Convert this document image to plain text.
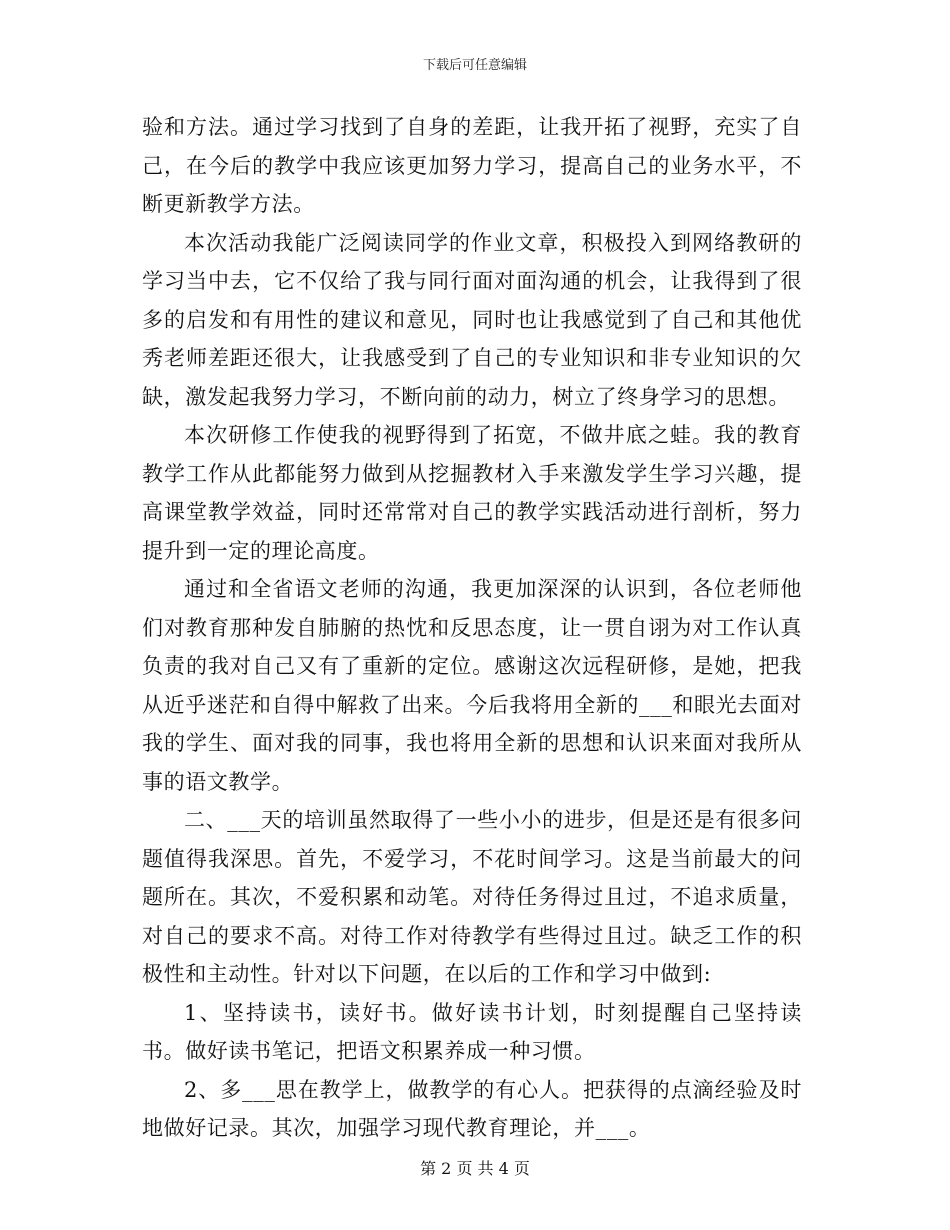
下载后可任意编辑

验和方法。通过学习找到了自身的差距，让我开拓了视野，充实了自己，在今后的教学中我应该更加努力学习，提高自己的业务水平，不断更新教学方法。

本次活动我能广泛阅读同学的作业文章，积极投入到网络教研的学习当中去，它不仅给了我与同行面对面沟通的机会，让我得到了很多的启发和有用性的建议和意见，同时也让我感觉到了自己和其他优秀老师差距还很大，让我感受到了自己的专业知识和非专业知识的欠缺，激发起我努力学习，不断向前的动力，树立了终身学习的思想。

本次研修工作使我的视野得到了拓宽，不做井底之蛙。我的教育教学工作从此都能努力做到从挖掘教材入手来激发学生学习兴趣，提高课堂教学效益，同时还常常对自己的教学实践活动进行剖析，努力提升到一定的理论高度。

通过和全省语文老师的沟通，我更加深深的认识到，各位老师他们对教育那种发自肺腑的热忱和反思态度，让一贯自诩为对工作认真负责的我对自己又有了重新的定位。感谢这次远程研修，是她，把我从近乎迷茫和自得中解救了出来。今后我将用全新的___和眼光去面对我的学生、面对我的同事，我也将用全新的思想和认识来面对我所从事的语文教学。

二、___天的培训虽然取得了一些小小的进步，但是还是有很多问题值得我深思。首先，不爱学习，不花时间学习。这是当前最大的问题所在。其次，不爱积累和动笔。对待任务得过且过，不追求质量，对自己的要求不高。对待工作对待教学有些得过且过。缺乏工作的积极性和主动性。针对以下问题，在以后的工作和学习中做到:

1、坚持读书，读好书。做好读书计划，时刻提醒自己坚持读书。做好读书笔记，把语文积累养成一种习惯。

2、多___思在教学上，做教学的有心人。把获得的点滴经验及时地做好记录。其次，加强学习现代教育理论，并___。

第 2 页 共 4 页
